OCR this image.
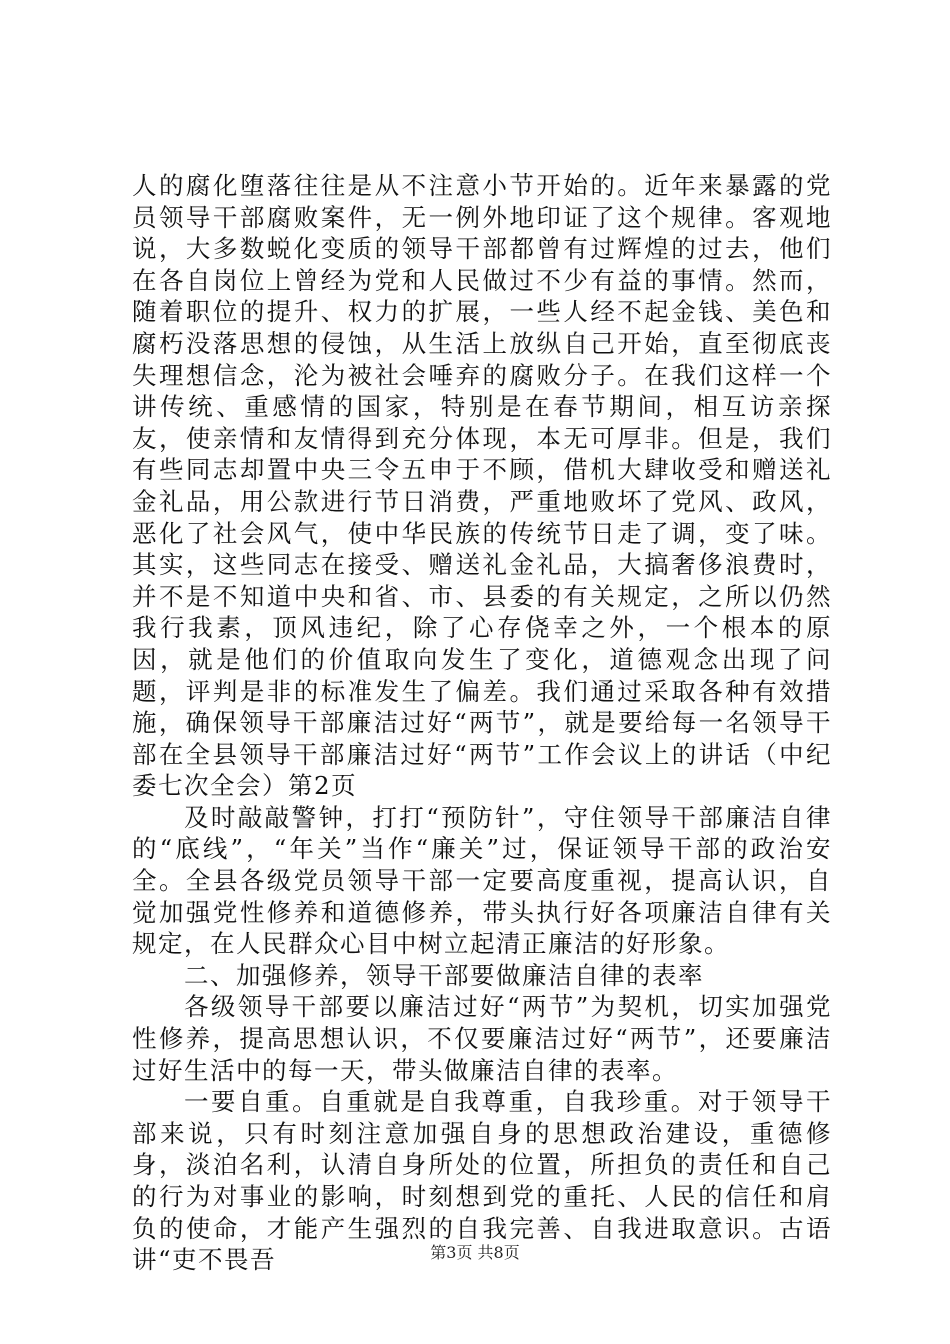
人的腐化堕落往往是从不注意小节开始的。近年来暴露的党员领导干部腐败案件，无一例外地印证了这个规律。客观地说，大多数蜕化变质的领导干部都曾有过辉煌的过去，他们在各自岗位上曾经为党和人民做过不少有益的事情。然而，随着职位的提升、权力的扩展，一些人经不起金钱、美色和腐朽没落思想的侵蚀，从生活上放纵自己开始，直至彻底丧失理想信念，沦为被社会唾弃的腐败分子。在我们这样一个讲传统、重感情的国家，特别是在春节期间，相互访亲探友，使亲情和友情得到充分体现，本无可厚非。但是，我们有些同志却置中央三令五申于不顾，借机大肆收受和赠送礼金礼品，用公款进行节日消费，严重地败坏了党风、政风，恶化了社会风气，使中华民族的传统节日走了调，变了味。其实，这些同志在接受、赠送礼金礼品，大搞奢侈浪费时，并不是不知道中央和省、市、县委的有关规定，之所以仍然我行我素，顶风违纪，除了心存侥幸之外，一个根本的原因，就是他们的价值取向发生了变化，道德观念出现了问题，评判是非的标准发生了偏差。我们通过采取各种有效措施，确保领导干部廉洁过好“两节”，就是要给每一名领导干部在全县领导干部廉洁过好“两节”工作会议上的讲话（中纪委七次全会）第2页

及时敲敲警钟，打打“预防针”，守住领导干部廉洁自律的“底线”，“年关”当作“廉关”过，保证领导干部的政治安全。全县各级党员领导干部一定要高度重视，提高认识，自觉加强党性修养和道德修养，带头执行好各项廉洁自律有关规定，在人民群众心目中树立起清正廉洁的好形象。

二、加强修养，领导干部要做廉洁自律的表率

各级领导干部要以廉洁过好“两节”为契机，切实加强党性修养，提高思想认识，不仅要廉洁过好“两节”，还要廉洁过好生活中的每一天，带头做廉洁自律的表率。

一要自重。自重就是自我尊重，自我珍重。对于领导干部来说，只有时刻注意加强自身的思想政治建设，重德修身，淡泊名利，认清自身所处的位置，所担负的责任和自己的行为对事业的影响，时刻想到党的重托、人民的信任和肩负的使命，才能产生强烈的自我完善、自我进取意识。古语讲“吏不畏吾	第3页 共8页
